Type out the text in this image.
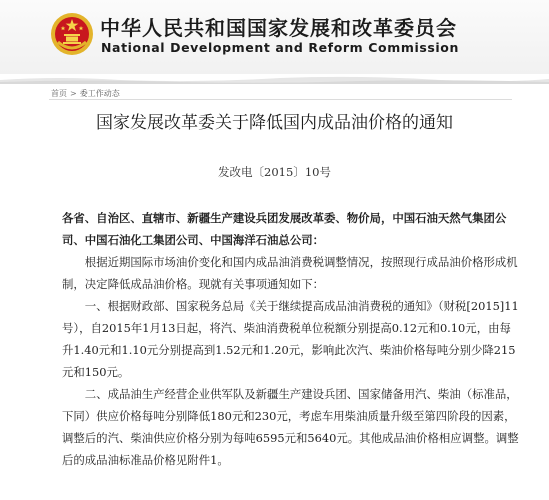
中华人民共和国国家发展和改革委员会
National Development and Reform Commission
首页 > 委工作动态
国家发展改革委关于降低国内成品油价格的通知
发改电〔2015〕10号

各省、自治区、直辖市、新疆生产建设兵团发展改革委、物价局，中国石油天然气集团公司、中国石油化工集团公司、中国海洋石油总公司：

根据近期国际市场油价变化和国内成品油消费税调整情况，按照现行成品油价格形成机制，决定降低成品油价格。现就有关事项通知如下：

一、根据财政部、国家税务总局《关于继续提高成品油消费税的通知》（财税[2015]11号），自2015年1月13日起，将汽、柴油消费税单位税额分别提高0.12元和0.10元，由每升1.40元和1.10元分别提高到1.52元和1.20元，影响此次汽、柴油价格每吨分别少降215元和150元。

二、成品油生产经营企业供军队及新疆生产建设兵团、国家储备用汽、柴油（标准品，下同）供应价格每吨分别降低180元和230元，考虑车用柴油质量升级至第四阶段的因素，调整后的汽、柴油供应价格分别为每吨6595元和5640元。其他成品油价格相应调整。调整后的成品油标准品价格见附件1。
